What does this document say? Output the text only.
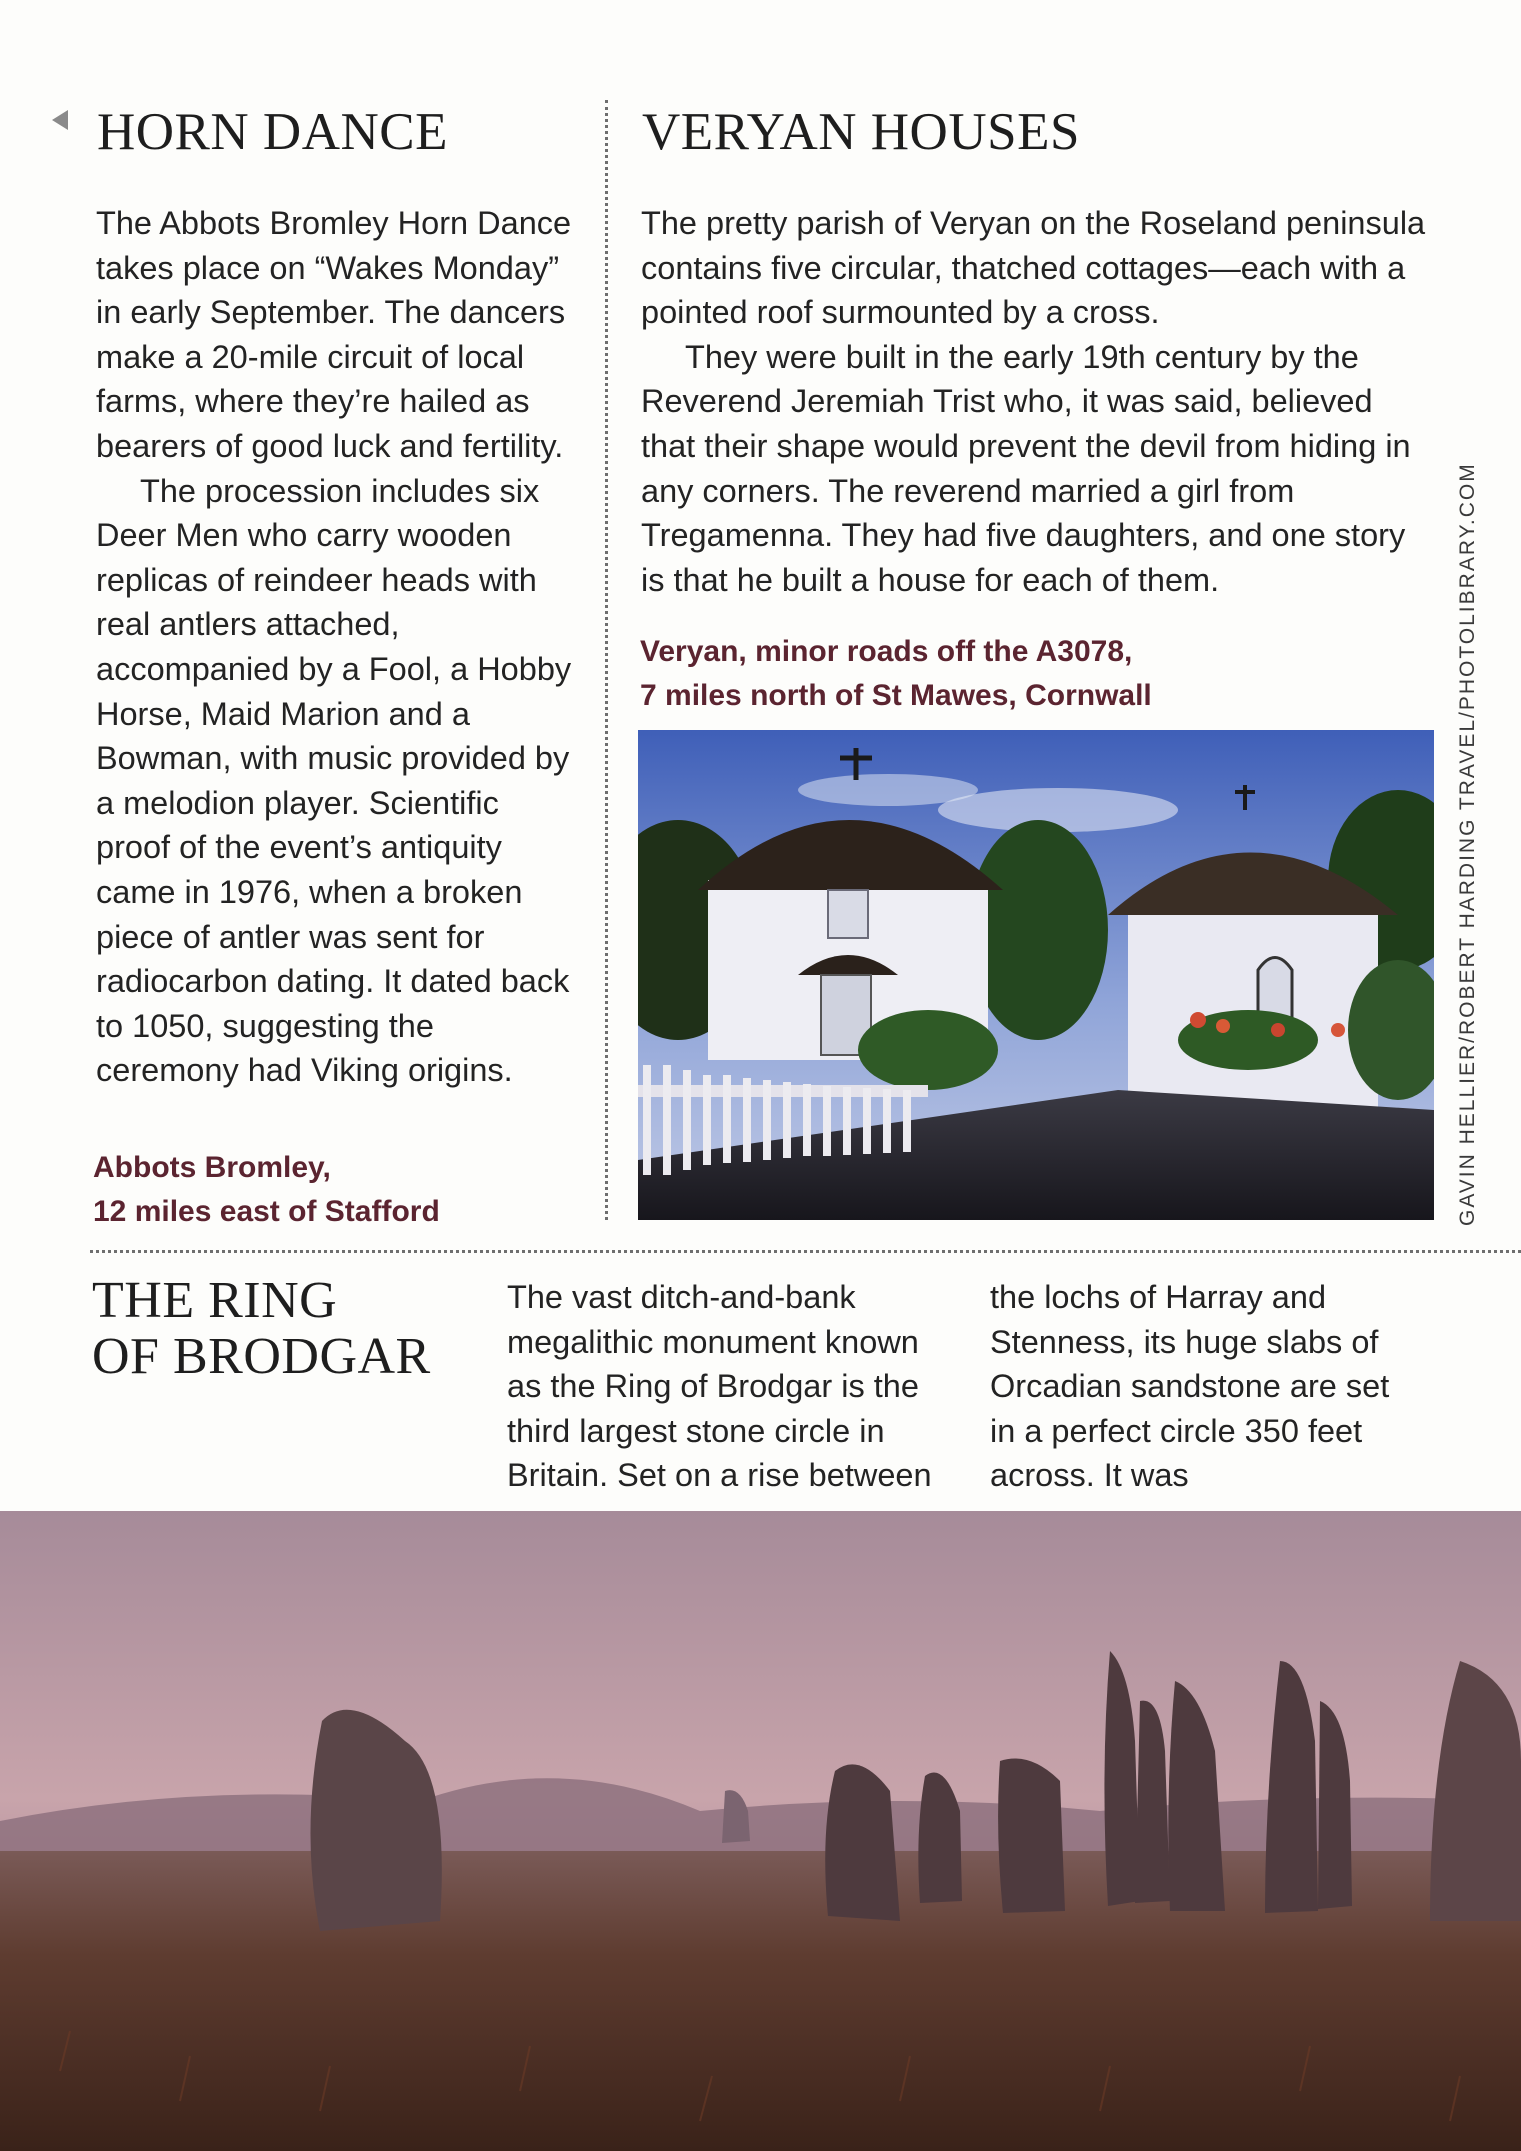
HORN DANCE

The Abbots Bromley Horn Dance takes place on “Wakes Monday” in early September. The dancers make a 20-mile circuit of local farms, where they’re hailed as bearers of good luck and fertility.

The procession includes six Deer Men who carry wooden replicas of reindeer heads with real antlers attached, accompanied by a Fool, a Hobby Horse, Maid Marion and a Bowman, with music provided by a melodion player. Scientific proof of the event’s antiquity came in 1976, when a broken piece of antler was sent for radiocarbon dating. It dated back to 1050, suggesting the ceremony had Viking origins.

Abbots Bromley,
12 miles east of Stafford
VERYAN HOUSES

The pretty parish of Veryan on the Roseland peninsula contains five circular, thatched cottages—each with a pointed roof surmounted by a cross.

They were built in the early 19th century by the Reverend Jeremiah Trist who, it was said, believed that their shape would prevent the devil from hiding in any corners. The reverend married a girl from Tregamenna. They had five daughters, and one story is that he built a house for each of them.

Veryan, minor roads off the A3078,
7 miles north of St Mawes, Cornwall	GAVIN HELLIER/ROBERT HARDING TRAVEL/PHOTOLIBRARY.COM
THE RING
OF BRODGAR

The vast ditch-and-bank megalithic monument known as the Ring of Brodgar is the third largest stone circle in Britain. Set on a rise between

the lochs of Harray and Stenness, its huge slabs of Orcadian sandstone are set in a perfect circle 350 feet across. It was
